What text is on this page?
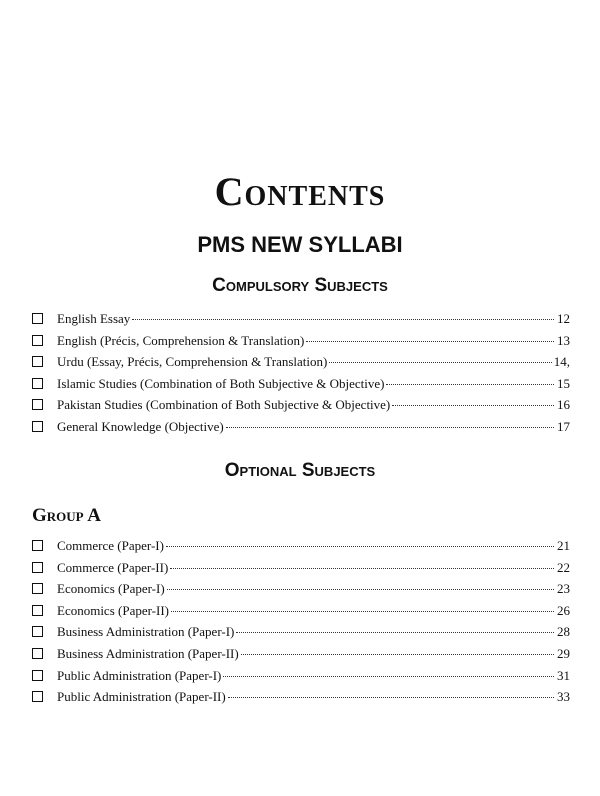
Contents
PMS NEW SYLLABI
Compulsory Subjects
English Essay	12
English (Précis, Comprehension & Translation)	13
Urdu (Essay, Précis, Comprehension & Translation)	14,
Islamic Studies (Combination of Both Subjective & Objective)	15
Pakistan Studies (Combination of Both Subjective & Objective)	16
General Knowledge (Objective)	17
Optional Subjects
Group A
Commerce (Paper-I)	21
Commerce (Paper-II)	22
Economics (Paper-I)	23
Economics (Paper-II)	26
Business Administration (Paper-I)	28
Business Administration (Paper-II)	29
Public Administration (Paper-I)	31
Public Administration (Paper-II)	33
